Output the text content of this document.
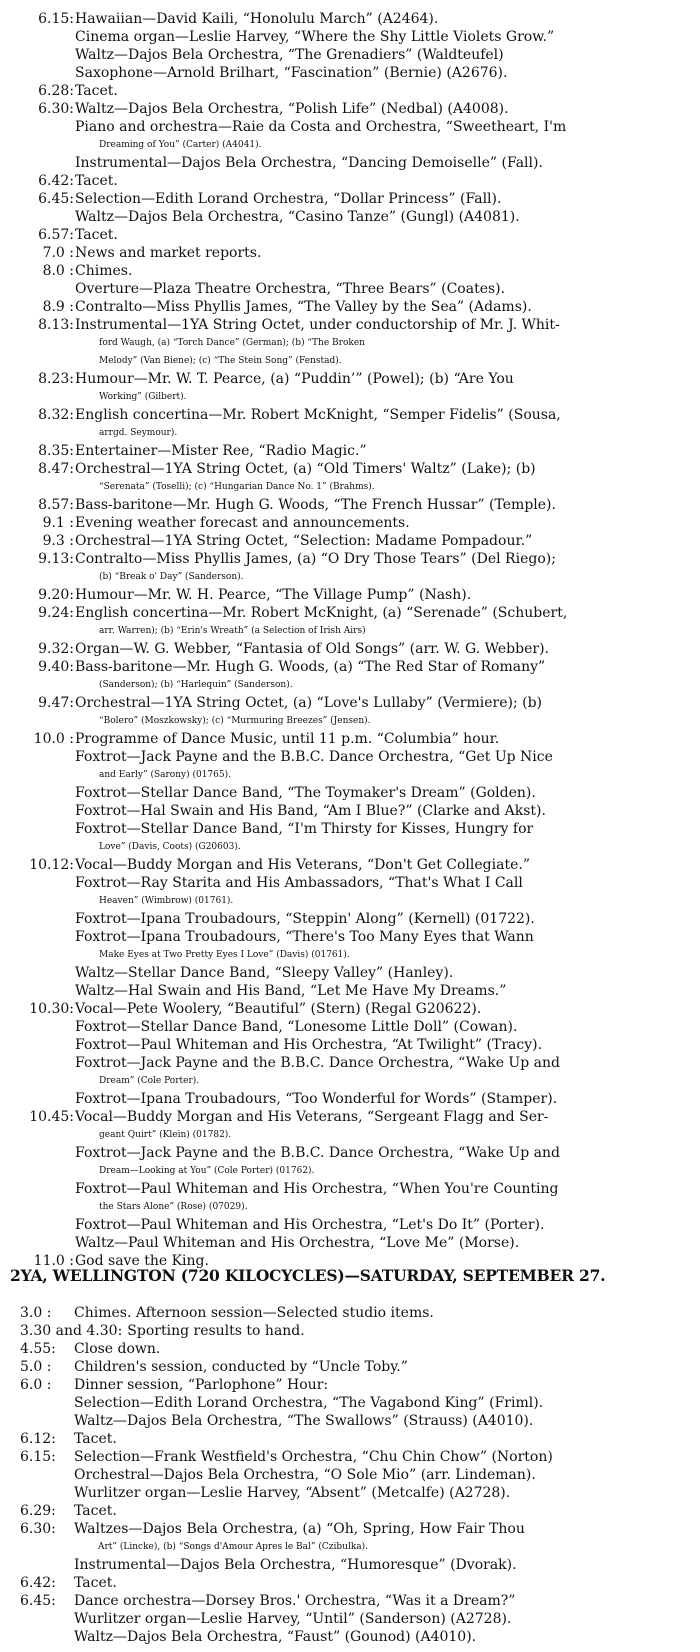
6.15: Hawaiian—David Kaili, “Honolulu March” (A2464).
Cinema organ—Leslie Harvey, “Where the Shy Little Violets Grow.”
Waltz—Dajos Bela Orchestra, “The Grenadiers” (Waldteufel)
Saxophone—Arnold Brilhart, “Fascination” (Bernie) (A2676).
6.28: Tacet.
6.30: Waltz—Dajos Bela Orchestra, “Polish Life” (Nedbal) (A4008).
Piano and orchestra—Raie da Costa and Orchestra, “Sweetheart, I'm
Dreaming of You” (Carter) (A4041).
Instrumental—Dajos Bela Orchestra, “Dancing Demoiselle” (Fall).
6.42: Tacet.
6.45: Selection—Edith Lorand Orchestra, “Dollar Princess” (Fall).
Waltz—Dajos Bela Orchestra, “Casino Tanze” (Gungl) (A4081).
6.57: Tacet.
7.0 : News and market reports.
8.0 : Chimes.
Overture—Plaza Theatre Orchestra, “Three Bears” (Coates).
8.9 : Contralto—Miss Phyllis James, “The Valley by the Sea” (Adams).
8.13: Instrumental—1YA String Octet, under conductorship of Mr. J. Whit-
ford Waugh, (a) “Torch Dance” (German); (b) “The Broken
Melody” (Van Biene); (c) “The Stein Song” (Fenstad).
8.23: Humour—Mr. W. T. Pearce, (a) “Puddin’” (Powel); (b) “Are You
Working” (Gilbert).
8.32: English concertina—Mr. Robert McKnight, “Semper Fidelis” (Sousa,
arrgd. Seymour).
8.35: Entertainer—Mister Ree, “Radio Magic.”
8.47: Orchestral—1YA String Octet, (a) “Old Timers' Waltz” (Lake); (b)
“Serenata” (Toselli); (c) “Hungarian Dance No. 1” (Brahms).
8.57: Bass-baritone—Mr. Hugh G. Woods, “The French Hussar” (Temple).
9.1 : Evening weather forecast and announcements.
9.3 : Orchestral—1YA String Octet, “Selection: Madame Pompadour.”
9.13: Contralto—Miss Phyllis James, (a) “O Dry Those Tears” (Del Riego);
(b) “Break o' Day” (Sanderson).
9.20: Humour—Mr. W. H. Pearce, “The Village Pump” (Nash).
9.24: English concertina—Mr. Robert McKnight, (a) “Serenade” (Schubert,
arr. Warren); (b) “Erin's Wreath” (a Selection of Irish Airs)
9.32: Organ—W. G. Webber, “Fantasia of Old Songs” (arr. W. G. Webber).
9.40: Bass-baritone—Mr. Hugh G. Woods, (a) “The Red Star of Romany”
(Sanderson); (b) “Harlequin” (Sanderson).
9.47: Orchestral—1YA String Octet, (a) “Love's Lullaby” (Vermiere); (b)
“Bolero” (Moszkowsky); (c) “Murmuring Breezes” (Jensen).
10.0 : Programme of Dance Music, until 11 p.m. “Columbia” hour.
Foxtrot—Jack Payne and the B.B.C. Dance Orchestra, “Get Up Nice
and Early” (Sarony) (01765).
Foxtrot—Stellar Dance Band, “The Toymaker's Dream” (Golden).
Foxtrot—Hal Swain and His Band, “Am I Blue?” (Clarke and Akst).
Foxtrot—Stellar Dance Band, “I'm Thirsty for Kisses, Hungry for
Love” (Davis, Coots) (G20603).
10.12: Vocal—Buddy Morgan and His Veterans, “Don't Get Collegiate.”
Foxtrot—Ray Starita and His Ambassadors, “That's What I Call
Heaven” (Wimbrow) (01761).
Foxtrot—Ipana Troubadours, “Steppin' Along” (Kernell) (01722).
Foxtrot—Ipana Troubadours, “There's Too Many Eyes that Wann
Make Eyes at Two Pretty Eyes I Love” (Davis) (01761).
Waltz—Stellar Dance Band, “Sleepy Valley” (Hanley).
Waltz—Hal Swain and His Band, “Let Me Have My Dreams.”
10.30: Vocal—Pete Woolery, “Beautiful” (Stern) (Regal G20622).
Foxtrot—Stellar Dance Band, “Lonesome Little Doll” (Cowan).
Foxtrot—Paul Whiteman and His Orchestra, “At Twilight” (Tracy).
Foxtrot—Jack Payne and the B.B.C. Dance Orchestra, “Wake Up and
Dream” (Cole Porter).
Foxtrot—Ipana Troubadours, “Too Wonderful for Words” (Stamper).
10.45: Vocal—Buddy Morgan and His Veterans, “Sergeant Flagg and Ser-
geant Quirt” (Klein) (01782).
Foxtrot—Jack Payne and the B.B.C. Dance Orchestra, “Wake Up and
Dream—Looking at You” (Cole Porter) (01762).
Foxtrot—Paul Whiteman and His Orchestra, “When You're Counting
the Stars Alone” (Rose) (07029).
Foxtrot—Paul Whiteman and His Orchestra, “Let's Do It” (Porter).
Waltz—Paul Whiteman and His Orchestra, “Love Me” (Morse).
11.0 : God save the King.
2YA, WELLINGTON (720 KILOCYCLES)—SATURDAY, SEPTEMBER 27.
3.0 :	Chimes. Afternoon session—Selected studio items.
3.30 and 4.30: Sporting results to hand.
4.55:	Close down.
5.0 :	Children's session, conducted by “Uncle Toby.”
6.0 :	Dinner session, “Parlophone” Hour:
Selection—Edith Lorand Orchestra, “The Vagabond King” (Friml).
Waltz—Dajos Bela Orchestra, “The Swallows” (Strauss) (A4010).
6.12:	Tacet.
6.15:	Selection—Frank Westfield's Orchestra, “Chu Chin Chow” (Norton)
Orchestral—Dajos Bela Orchestra, “O Sole Mio” (arr. Lindeman).
Wurlitzer organ—Leslie Harvey, “Absent” (Metcalfe) (A2728).
6.29:	Tacet.
6.30:	Waltzes—Dajos Bela Orchestra, (a) “Oh, Spring, How Fair Thou
Art” (Lincke), (b) “Songs d'Amour Apres le Bal” (Czibulka).
Instrumental—Dajos Bela Orchestra, “Humoresque” (Dvorak).
6.42:	Tacet.
6.45:	Dance orchestra—Dorsey Bros.' Orchestra, “Was it a Dream?”
Wurlitzer organ—Leslie Harvey, “Until” (Sanderson) (A2728).
Waltz—Dajos Bela Orchestra, “Faust” (Gounod) (A4010).
